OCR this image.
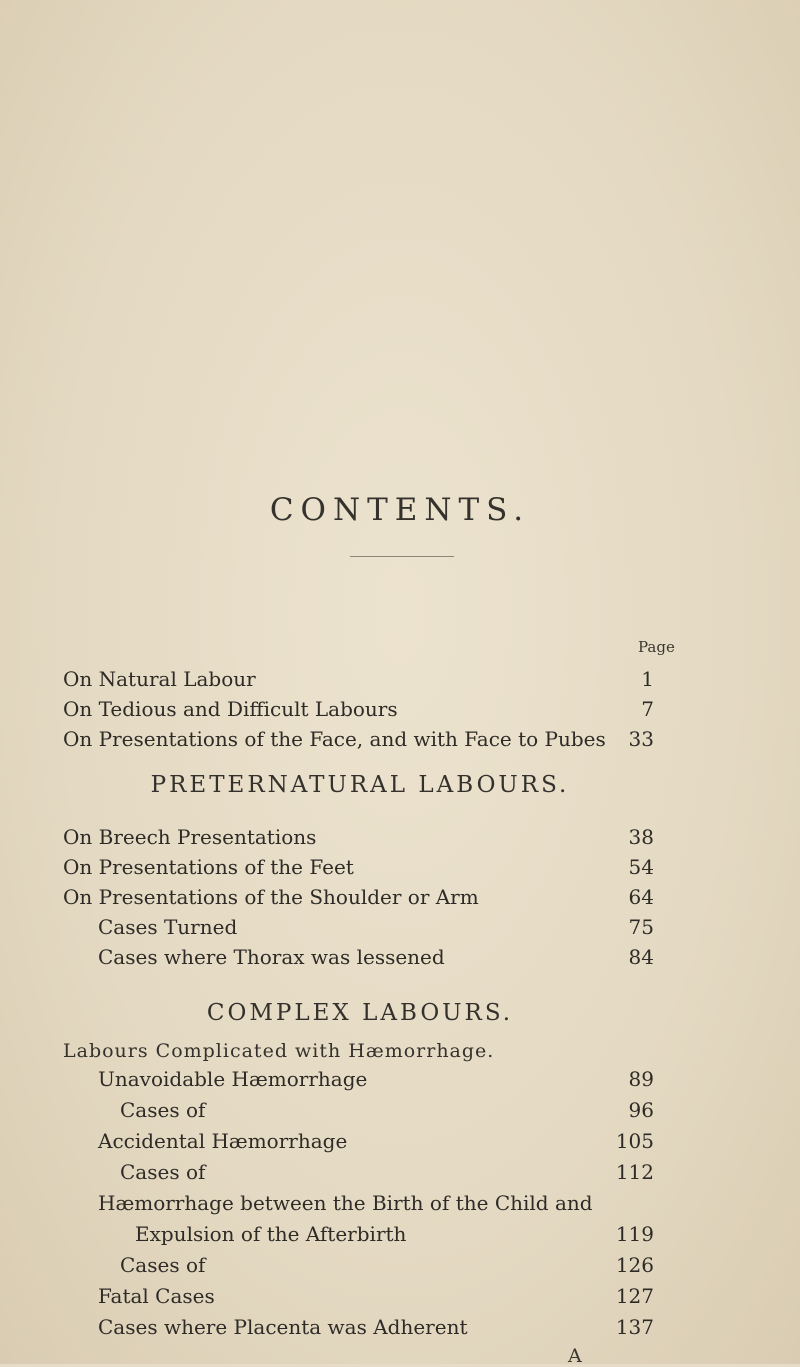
CONTENTS.
Page
On Natural Labour	1
On Tedious and Difficult Labours	7
On Presentations of the Face, and with Face to Pubes 33
PRETERNATURAL LABOURS.
On Breech Presentations	38
On Presentations of the Feet	54
On Presentations of the Shoulder or Arm	64
Cases Turned	75
Cases where Thorax was lessened	84
COMPLEX LABOURS.
Labours Complicated with Hæmorrhage.
Unavoidable Hæmorrhage	89
Cases of	96
Accidental Hæmorrhage	105
Cases of	112
Hæmorrhage between the Birth of the Child and
Expulsion of the Afterbirth	119
Cases of	126
Fatal Cases	127
Cases where Placenta was Adherent	137
A
